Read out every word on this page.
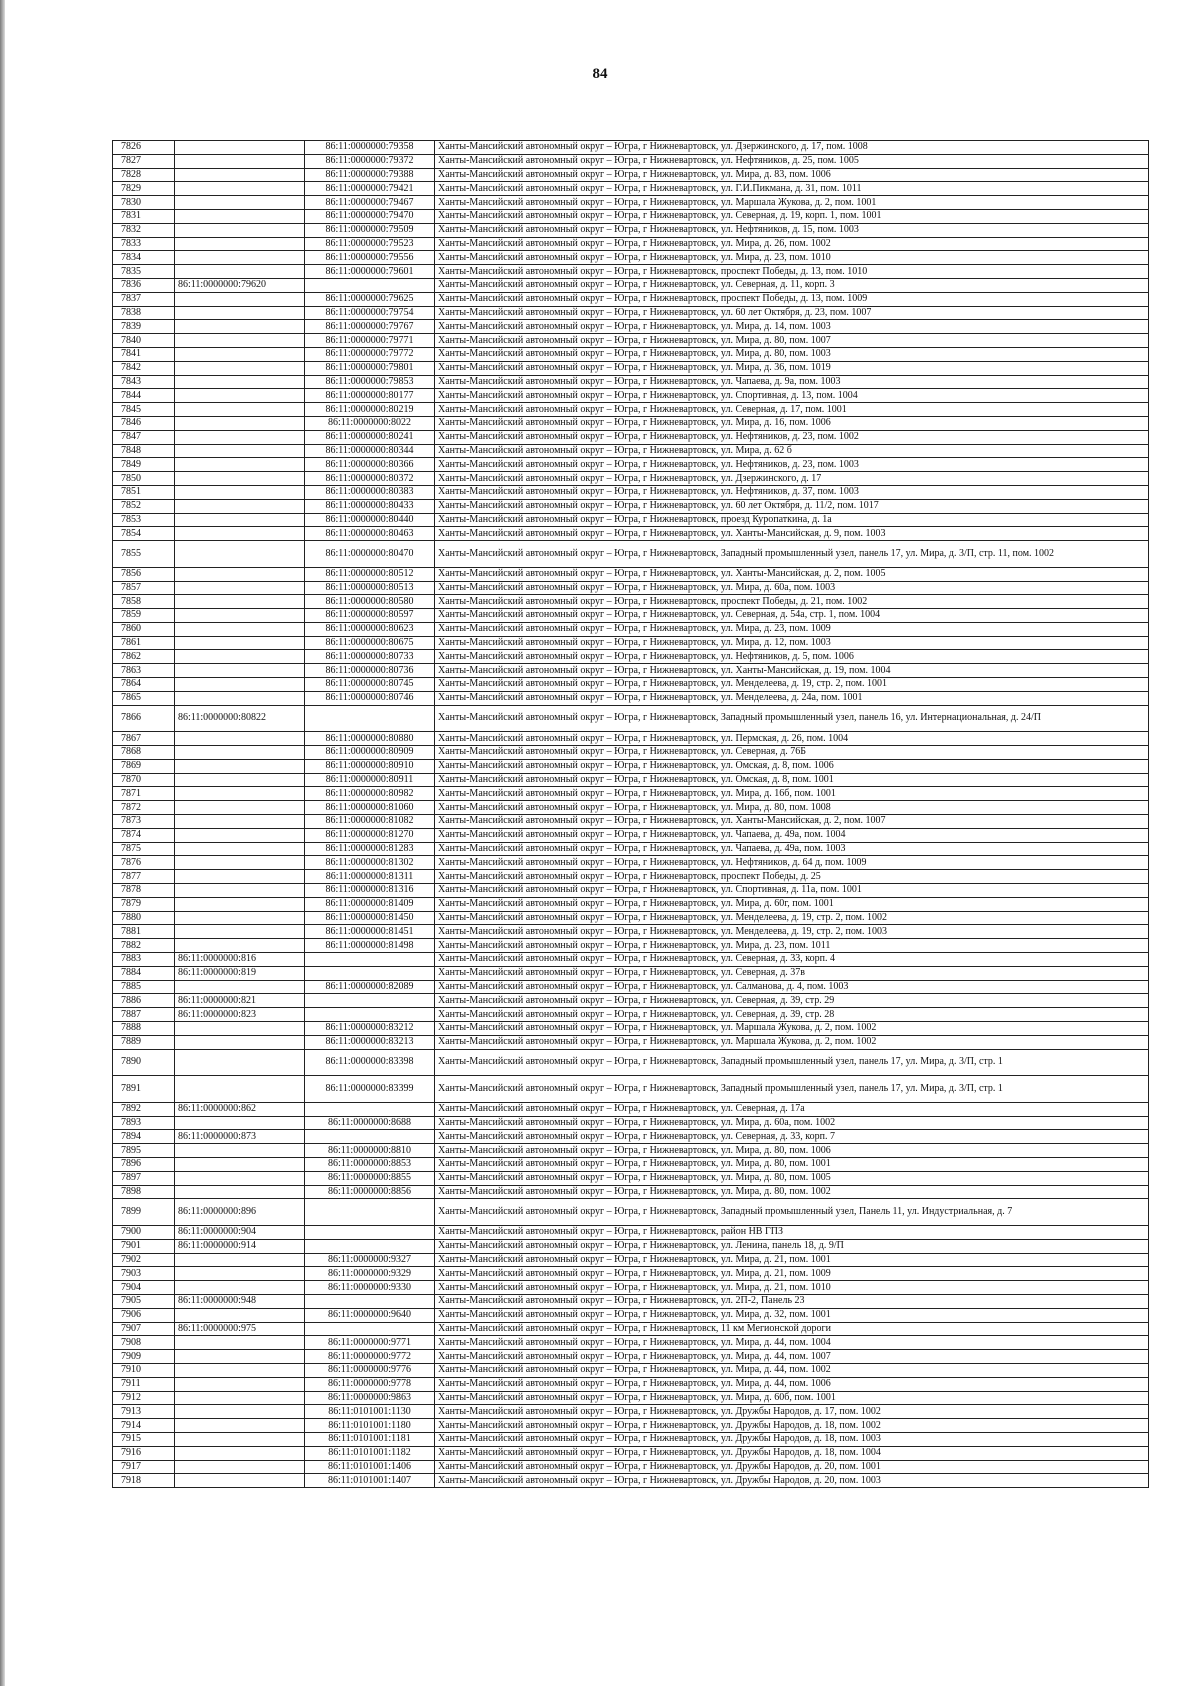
84
7826		86:11:0000000:79358	Ханты-Мансийский автономный округ – Югра, г Нижневартовск, ул. Дзержинского, д. 17, пом. 1008
7827		86:11:0000000:79372	Ханты-Мансийский автономный округ – Югра, г Нижневартовск, ул. Нефтяников, д. 25, пом. 1005
7828		86:11:0000000:79388	Ханты-Мансийский автономный округ – Югра, г Нижневартовск, ул. Мира, д. 83, пом. 1006
7829		86:11:0000000:79421	Ханты-Мансийский автономный округ – Югра, г Нижневартовск, ул. Г.И.Пикмана, д. 31, пом. 1011
7830		86:11:0000000:79467	Ханты-Мансийский автономный округ – Югра, г Нижневартовск, ул. Маршала Жукова, д. 2, пом. 1001
7831		86:11:0000000:79470	Ханты-Мансийский автономный округ – Югра, г Нижневартовск, ул. Северная, д. 19, корп. 1, пом. 1001
7832		86:11:0000000:79509	Ханты-Мансийский автономный округ – Югра, г Нижневартовск, ул. Нефтяников, д. 15, пом. 1003
7833		86:11:0000000:79523	Ханты-Мансийский автономный округ – Югра, г Нижневартовск, ул. Мира, д. 26, пом. 1002
7834		86:11:0000000:79556	Ханты-Мансийский автономный округ – Югра, г Нижневартовск, ул. Мира, д. 23, пом. 1010
7835		86:11:0000000:79601	Ханты-Мансийский автономный округ – Югра, г Нижневартовск, проспект Победы, д. 13, пом. 1010
7836	86:11:0000000:79620		Ханты-Мансийский автономный округ – Югра, г Нижневартовск, ул. Северная, д. 11, корп. 3
7837		86:11:0000000:79625	Ханты-Мансийский автономный округ – Югра, г Нижневартовск, проспект Победы, д. 13, пом. 1009
7838		86:11:0000000:79754	Ханты-Мансийский автономный округ – Югра, г Нижневартовск, ул. 60 лет Октября, д. 23, пом. 1007
7839		86:11:0000000:79767	Ханты-Мансийский автономный округ – Югра, г Нижневартовск, ул. Мира, д. 14, пом. 1003
7840		86:11:0000000:79771	Ханты-Мансийский автономный округ – Югра, г Нижневартовск, ул. Мира, д. 80, пом. 1007
7841		86:11:0000000:79772	Ханты-Мансийский автономный округ – Югра, г Нижневартовск, ул. Мира, д. 80, пом. 1003
7842		86:11:0000000:79801	Ханты-Мансийский автономный округ – Югра, г Нижневартовск, ул. Мира, д. 36, пом. 1019
7843		86:11:0000000:79853	Ханты-Мансийский автономный округ – Югра, г Нижневартовск, ул. Чапаева, д. 9а, пом. 1003
7844		86:11:0000000:80177	Ханты-Мансийский автономный округ – Югра, г Нижневартовск, ул. Спортивная, д. 13, пом. 1004
7845		86:11:0000000:80219	Ханты-Мансийский автономный округ – Югра, г Нижневартовск, ул. Северная, д. 17, пом. 1001
7846		86:11:0000000:8022	Ханты-Мансийский автономный округ – Югра, г Нижневартовск, ул. Мира, д. 16, пом. 1006
7847		86:11:0000000:80241	Ханты-Мансийский автономный округ – Югра, г Нижневартовск, ул. Нефтяников, д. 23, пом. 1002
7848		86:11:0000000:80344	Ханты-Мансийский автономный округ – Югра, г Нижневартовск, ул. Мира, д. 62 б
7849		86:11:0000000:80366	Ханты-Мансийский автономный округ – Югра, г Нижневартовск, ул. Нефтяников, д. 23, пом. 1003
7850		86:11:0000000:80372	Ханты-Мансийский автономный округ – Югра, г Нижневартовск, ул. Дзержинского, д. 17
7851		86:11:0000000:80383	Ханты-Мансийский автономный округ – Югра, г Нижневартовск, ул. Нефтяников, д. 37, пом. 1003
7852		86:11:0000000:80433	Ханты-Мансийский автономный округ – Югра, г Нижневартовск, ул. 60 лет Октября, д. 11/2, пом. 1017
7853		86:11:0000000:80440	Ханты-Мансийский автономный округ – Югра, г Нижневартовск, проезд Куропаткина, д. 1а
7854		86:11:0000000:80463	Ханты-Мансийский автономный округ – Югра, г Нижневартовск, ул. Ханты-Мансийская, д. 9, пом. 1003
7855		86:11:0000000:80470	Ханты-Мансийский автономный округ – Югра, г Нижневартовск, Западный промышленный узел, панель 17, ул. Мира, д. 3/П, стр. 11, пом. 1002
7856		86:11:0000000:80512	Ханты-Мансийский автономный округ – Югра, г Нижневартовск, ул. Ханты-Мансийская, д. 2, пом. 1005
7857		86:11:0000000:80513	Ханты-Мансийский автономный округ – Югра, г Нижневартовск, ул. Мира, д. 60а, пом. 1003
7858		86:11:0000000:80580	Ханты-Мансийский автономный округ – Югра, г Нижневартовск, проспект Победы, д. 21, пом. 1002
7859		86:11:0000000:80597	Ханты-Мансийский автономный округ – Югра, г Нижневартовск, ул. Северная, д. 54а, стр. 1, пом. 1004
7860		86:11:0000000:80623	Ханты-Мансийский автономный округ – Югра, г Нижневартовск, ул. Мира, д. 23, пом. 1009
7861		86:11:0000000:80675	Ханты-Мансийский автономный округ – Югра, г Нижневартовск, ул. Мира, д. 12, пом. 1003
7862		86:11:0000000:80733	Ханты-Мансийский автономный округ – Югра, г Нижневартовск, ул. Нефтяников, д. 5, пом. 1006
7863		86:11:0000000:80736	Ханты-Мансийский автономный округ – Югра, г Нижневартовск, ул. Ханты-Мансийская, д. 19, пом. 1004
7864		86:11:0000000:80745	Ханты-Мансийский автономный округ – Югра, г Нижневартовск, ул. Менделеева, д. 19, стр. 2, пом. 1001
7865		86:11:0000000:80746	Ханты-Мансийский автономный округ – Югра, г Нижневартовск, ул. Менделеева, д. 24а, пом. 1001
7866	86:11:0000000:80822		Ханты-Мансийский автономный округ – Югра, г Нижневартовск, Западный промышленный узел, панель 16, ул. Интернациональная, д. 24/П
7867		86:11:0000000:80880	Ханты-Мансийский автономный округ – Югра, г Нижневартовск, ул. Пермская, д. 26, пом. 1004
7868		86:11:0000000:80909	Ханты-Мансийский автономный округ – Югра, г Нижневартовск, ул. Северная, д. 76Б
7869		86:11:0000000:80910	Ханты-Мансийский автономный округ – Югра, г Нижневартовск, ул. Омская, д. 8, пом. 1006
7870		86:11:0000000:80911	Ханты-Мансийский автономный округ – Югра, г Нижневартовск, ул. Омская, д. 8, пом. 1001
7871		86:11:0000000:80982	Ханты-Мансийский автономный округ – Югра, г Нижневартовск, ул. Мира, д. 16б, пом. 1001
7872		86:11:0000000:81060	Ханты-Мансийский автономный округ – Югра, г Нижневартовск, ул. Мира, д. 80, пом. 1008
7873		86:11:0000000:81082	Ханты-Мансийский автономный округ – Югра, г Нижневартовск, ул. Ханты-Мансийская, д. 2, пом. 1007
7874		86:11:0000000:81270	Ханты-Мансийский автономный округ – Югра, г Нижневартовск, ул. Чапаева, д. 49а, пом. 1004
7875		86:11:0000000:81283	Ханты-Мансийский автономный округ – Югра, г Нижневартовск, ул. Чапаева, д. 49а, пом. 1003
7876		86:11:0000000:81302	Ханты-Мансийский автономный округ – Югра, г Нижневартовск, ул. Нефтяников, д. 64 д, пом. 1009
7877		86:11:0000000:81311	Ханты-Мансийский автономный округ – Югра, г Нижневартовск, проспект Победы, д. 25
7878		86:11:0000000:81316	Ханты-Мансийский автономный округ – Югра, г Нижневартовск, ул. Спортивная, д. 11а, пом. 1001
7879		86:11:0000000:81409	Ханты-Мансийский автономный округ – Югра, г Нижневартовск, ул. Мира, д. 60г, пом. 1001
7880		86:11:0000000:81450	Ханты-Мансийский автономный округ – Югра, г Нижневартовск, ул. Менделеева, д. 19, стр. 2, пом. 1002
7881		86:11:0000000:81451	Ханты-Мансийский автономный округ – Югра, г Нижневартовск, ул. Менделеева, д. 19, стр. 2, пом. 1003
7882		86:11:0000000:81498	Ханты-Мансийский автономный округ – Югра, г Нижневартовск, ул. Мира, д. 23, пом. 1011
7883	86:11:0000000:816		Ханты-Мансийский автономный округ – Югра, г Нижневартовск, ул. Северная, д. 33, корп. 4
7884	86:11:0000000:819		Ханты-Мансийский автономный округ – Югра, г Нижневартовск, ул. Северная, д. 37в
7885		86:11:0000000:82089	Ханты-Мансийский автономный округ – Югра, г Нижневартовск, ул. Салманова, д. 4, пом. 1003
7886	86:11:0000000:821		Ханты-Мансийский автономный округ – Югра, г Нижневартовск, ул. Северная, д. 39, стр. 29
7887	86:11:0000000:823		Ханты-Мансийский автономный округ – Югра, г Нижневартовск, ул. Северная, д. 39, стр. 28
7888		86:11:0000000:83212	Ханты-Мансийский автономный округ – Югра, г Нижневартовск, ул. Маршала Жукова, д. 2, пом. 1002
7889		86:11:0000000:83213	Ханты-Мансийский автономный округ – Югра, г Нижневартовск, ул. Маршала Жукова, д. 2, пом. 1002
7890		86:11:0000000:83398	Ханты-Мансийский автономный округ – Югра, г Нижневартовск, Западный промышленный узел, панель 17, ул. Мира, д. 3/П, стр. 1
7891		86:11:0000000:83399	Ханты-Мансийский автономный округ – Югра, г Нижневартовск, Западный промышленный узел, панель 17, ул. Мира, д. 3/П, стр. 1
7892	86:11:0000000:862		Ханты-Мансийский автономный округ – Югра, г Нижневартовск, ул. Северная, д. 17а
7893		86:11:0000000:8688	Ханты-Мансийский автономный округ – Югра, г Нижневартовск, ул. Мира, д. 60а, пом. 1002
7894	86:11:0000000:873		Ханты-Мансийский автономный округ – Югра, г Нижневартовск, ул. Северная, д. 33, корп. 7
7895		86:11:0000000:8810	Ханты-Мансийский автономный округ – Югра, г Нижневартовск, ул. Мира, д. 80, пом. 1006
7896		86:11:0000000:8853	Ханты-Мансийский автономный округ – Югра, г Нижневартовск, ул. Мира, д. 80, пом. 1001
7897		86:11:0000000:8855	Ханты-Мансийский автономный округ – Югра, г Нижневартовск, ул. Мира, д. 80, пом. 1005
7898		86:11:0000000:8856	Ханты-Мансийский автономный округ – Югра, г Нижневартовск, ул. Мира, д. 80, пом. 1002
7899	86:11:0000000:896		Ханты-Мансийский автономный округ – Югра, г Нижневартовск, Западный промышленный узел, Панель 11, ул. Индустриальная, д. 7
7900	86:11:0000000:904		Ханты-Мансийский автономный округ – Югра, г Нижневартовск, район НВ ГПЗ
7901	86:11:0000000:914		Ханты-Мансийский автономный округ – Югра, г Нижневартовск, ул. Ленина, панель 18, д. 9/П
7902		86:11:0000000:9327	Ханты-Мансийский автономный округ – Югра, г Нижневартовск, ул. Мира, д. 21, пом. 1001
7903		86:11:0000000:9329	Ханты-Мансийский автономный округ – Югра, г Нижневартовск, ул. Мира, д. 21, пом. 1009
7904		86:11:0000000:9330	Ханты-Мансийский автономный округ – Югра, г Нижневартовск, ул. Мира, д. 21, пом. 1010
7905	86:11:0000000:948		Ханты-Мансийский автономный округ – Югра, г Нижневартовск, ул. 2П-2, Панель 23
7906		86:11:0000000:9640	Ханты-Мансийский автономный округ – Югра, г Нижневартовск, ул. Мира, д. 32, пом. 1001
7907	86:11:0000000:975		Ханты-Мансийский автономный округ – Югра, г Нижневартовск, 11 км Мегионской дороги
7908		86:11:0000000:9771	Ханты-Мансийский автономный округ – Югра, г Нижневартовск, ул. Мира, д. 44, пом. 1004
7909		86:11:0000000:9772	Ханты-Мансийский автономный округ – Югра, г Нижневартовск, ул. Мира, д. 44, пом. 1007
7910		86:11:0000000:9776	Ханты-Мансийский автономный округ – Югра, г Нижневартовск, ул. Мира, д. 44, пом. 1002
7911		86:11:0000000:9778	Ханты-Мансийский автономный округ – Югра, г Нижневартовск, ул. Мира, д. 44, пом. 1006
7912		86:11:0000000:9863	Ханты-Мансийский автономный округ – Югра, г Нижневартовск, ул. Мира, д. 60б, пом. 1001
7913		86:11:0101001:1130	Ханты-Мансийский автономный округ – Югра, г Нижневартовск, ул. Дружбы Народов, д. 17, пом. 1002
7914		86:11:0101001:1180	Ханты-Мансийский автономный округ – Югра, г Нижневартовск, ул. Дружбы Народов, д. 18, пом. 1002
7915		86:11:0101001:1181	Ханты-Мансийский автономный округ – Югра, г Нижневартовск, ул. Дружбы Народов, д. 18, пом. 1003
7916		86:11:0101001:1182	Ханты-Мансийский автономный округ – Югра, г Нижневартовск, ул. Дружбы Народов, д. 18, пом. 1004
7917		86:11:0101001:1406	Ханты-Мансийский автономный округ – Югра, г Нижневартовск, ул. Дружбы Народов, д. 20, пом. 1001
7918		86:11:0101001:1407	Ханты-Мансийский автономный округ – Югра, г Нижневартовск, ул. Дружбы Народов, д. 20, пом. 1003
